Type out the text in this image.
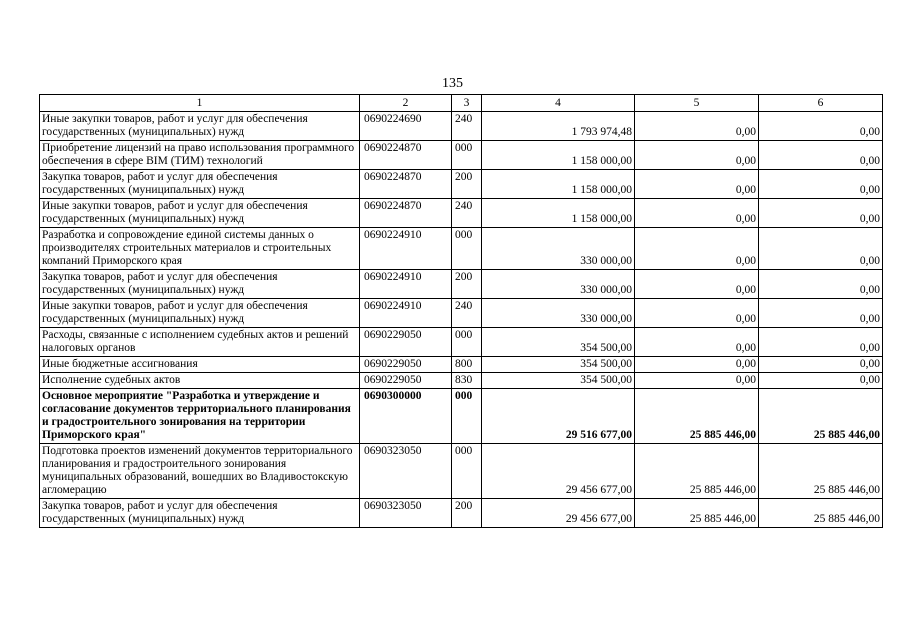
135
1	2	3	4	5	6
Иные закупки товаров, работ и услуг для обеспечения государственных (муниципальных) нужд	0690224690	240	1 793 974,48	0,00	0,00
Приобретение лицензий на право использования программного обеспечения в сфере BIM (ТИМ) технологий	0690224870	000	1 158 000,00	0,00	0,00
Закупка товаров, работ и услуг для обеспечения государственных (муниципальных) нужд	0690224870	200	1 158 000,00	0,00	0,00
Иные закупки товаров, работ и услуг для обеспечения государственных (муниципальных) нужд	0690224870	240	1 158 000,00	0,00	0,00
Разработка и сопровождение единой системы данных о производителях строительных материалов и строительных компаний Приморского края	0690224910	000	330 000,00	0,00	0,00
Закупка товаров, работ и услуг для обеспечения государственных (муниципальных) нужд	0690224910	200	330 000,00	0,00	0,00
Иные закупки товаров, работ и услуг для обеспечения государственных (муниципальных) нужд	0690224910	240	330 000,00	0,00	0,00
Расходы, связанные с исполнением судебных актов и решений налоговых органов	0690229050	000	354 500,00	0,00	0,00
Иные бюджетные ассигнования	0690229050	800	354 500,00	0,00	0,00
Исполнение судебных актов	0690229050	830	354 500,00	0,00	0,00
Основное мероприятие "Разработка и утверждение и согласование документов территориального планирования и градостроительного зонирования на территории Приморского края"	0690300000	000	29 516 677,00	25 885 446,00	25 885 446,00
Подготовка проектов изменений документов территориального планирования и градостроительного зонирования муниципальных образований, вошедших во Владивостокскую агломерацию	0690323050	000	29 456 677,00	25 885 446,00	25 885 446,00
Закупка товаров, работ и услуг для обеспечения государственных (муниципальных) нужд	0690323050	200	29 456 677,00	25 885 446,00	25 885 446,00
